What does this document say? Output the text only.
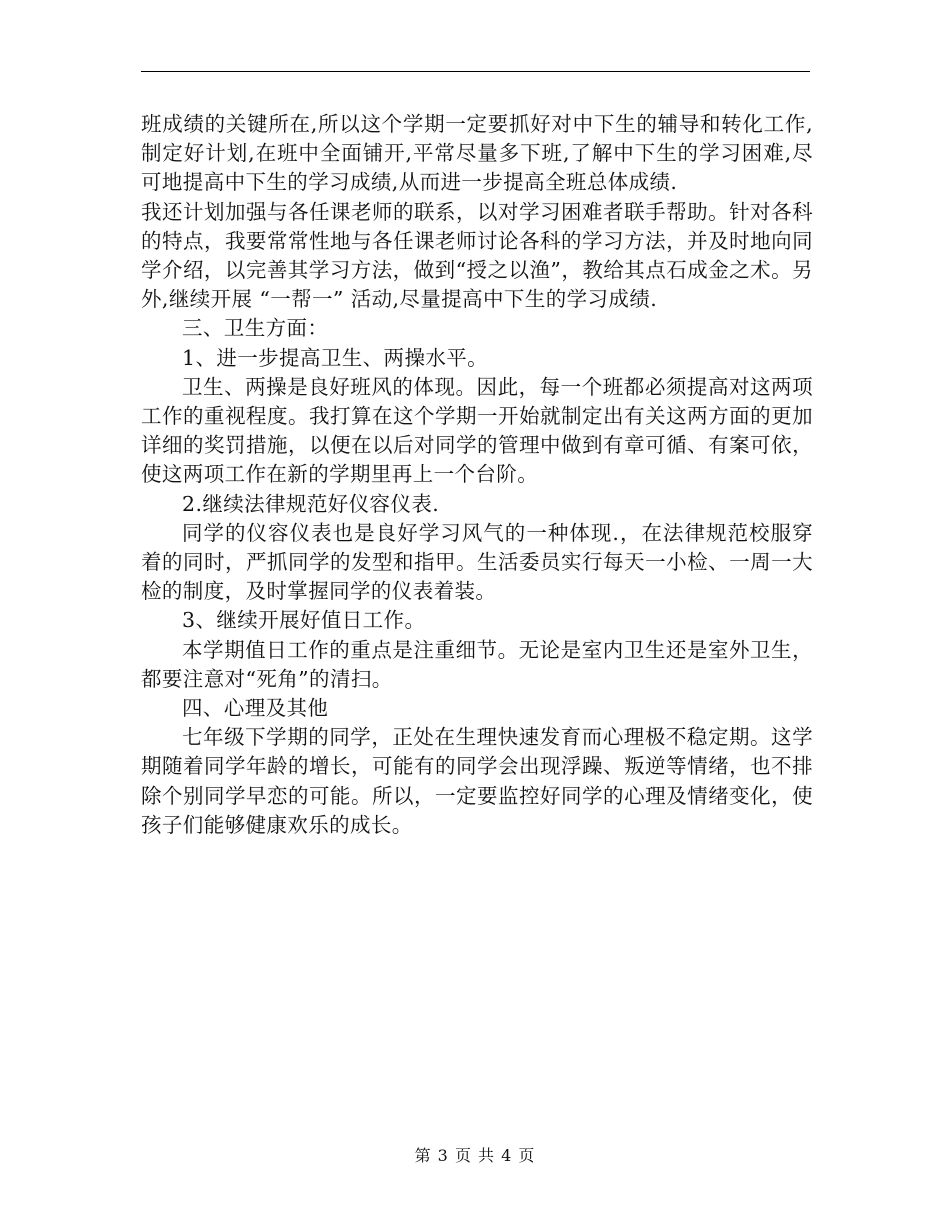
班成绩的关键所在,所以这个学期一定要抓好对中下生的辅导和转化工作,制定好计划,在班中全面铺开,平常尽量多下班,了解中下生的学习困难,尽可地提高中下生的学习成绩,从而进一步提高全班总体成绩.

我还计划加强与各任课老师的联系，以对学习困难者联手帮助。针对各科的特点，我要常常性地与各任课老师讨论各科的学习方法，并及时地向同学介绍，以完善其学习方法，做到“授之以渔”，教给其点石成金之术。另外,继续开展 “一帮一” 活动,尽量提高中下生的学习成绩.

三、卫生方面：

1、进一步提高卫生、两操水平。

卫生、两操是良好班风的体现。因此，每一个班都必须提高对这两项工作的重视程度。我打算在这个学期一开始就制定出有关这两方面的更加详细的奖罚措施，以便在以后对同学的管理中做到有章可循、有案可依，使这两项工作在新的学期里再上一个台阶。

2.继续法律规范好仪容仪表.

同学的仪容仪表也是良好学习风气的一种体现.，在法律规范校服穿着的同时，严抓同学的发型和指甲。生活委员实行每天一小检、一周一大检的制度，及时掌握同学的仪表着装。

3、继续开展好值日工作。

本学期值日工作的重点是注重细节。无论是室内卫生还是室外卫生，都要注意对“死角”的清扫。

四、心理及其他

七年级下学期的同学，正处在生理快速发育而心理极不稳定期。这学期随着同学年龄的增长，可能有的同学会出现浮躁、叛逆等情绪，也不排除个别同学早恋的可能。所以，一定要监控好同学的心理及情绪变化，使孩子们能够健康欢乐的成长。

第 3 页 共 4 页
